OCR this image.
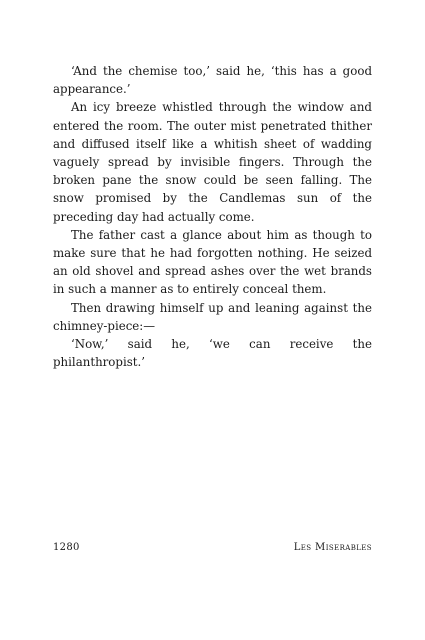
‘And the chemise too,’ said he, ‘this has a good appearance.’

An icy breeze whistled through the window and entered the room. The outer mist penetrated thither and diffused itself like a whitish sheet of wadding vaguely spread by invisible fingers. Through the broken pane the snow could be seen falling. The snow promised by the Candlemas sun of the preceding day had actually come.

The father cast a glance about him as though to make sure that he had forgotten nothing. He seized an old shovel and spread ashes over the wet brands in such a manner as to entirely conceal them.

Then drawing himself up and leaning against the chimney-piece:—

‘Now,’ said he, ‘we can receive the philanthropist.’

1280	Les Miserables
